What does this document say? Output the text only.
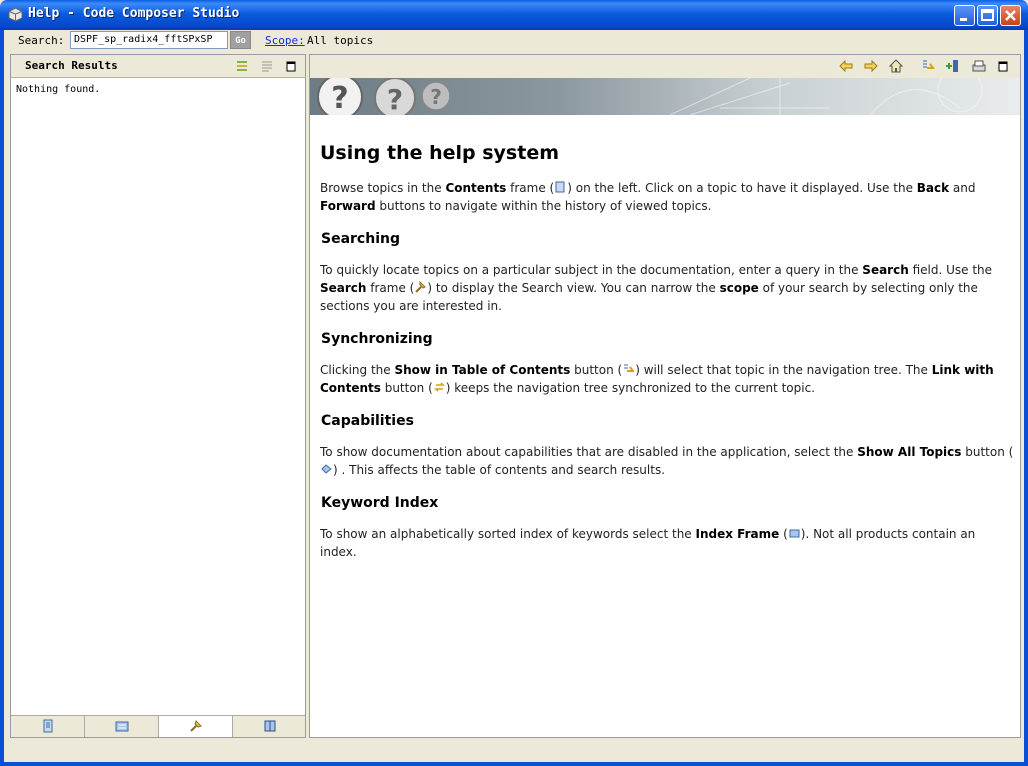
Help - Code Composer Studio
Search: DSPF_sp_radix4_fftSPxSP	Go	Scope: All topics
Search Results
Nothing found.	? ? ?
Using the help system

Browse topics in the Contents frame ( ) on the left. Click on a topic to have it displayed. Use the Back and Forward buttons to navigate within the history of viewed topics.

Searching

To quickly locate topics on a particular subject in the documentation, enter a query in the Search field. Use the Search frame ( ) to display the Search view. You can narrow the scope of your search by selecting only the sections you are interested in.

Synchronizing

Clicking the Show in Table of Contents button ( ) will select that topic in the navigation tree. The Link with Contents button ( ) keeps the navigation tree synchronized to the current topic.

Capabilities

To show documentation about capabilities that are disabled in the application, select the Show All Topics button () . This affects the table of contents and search results.

Keyword Index

To show an alphabetically sorted index of keywords select the Index Frame ( ). Not all products contain an index.
